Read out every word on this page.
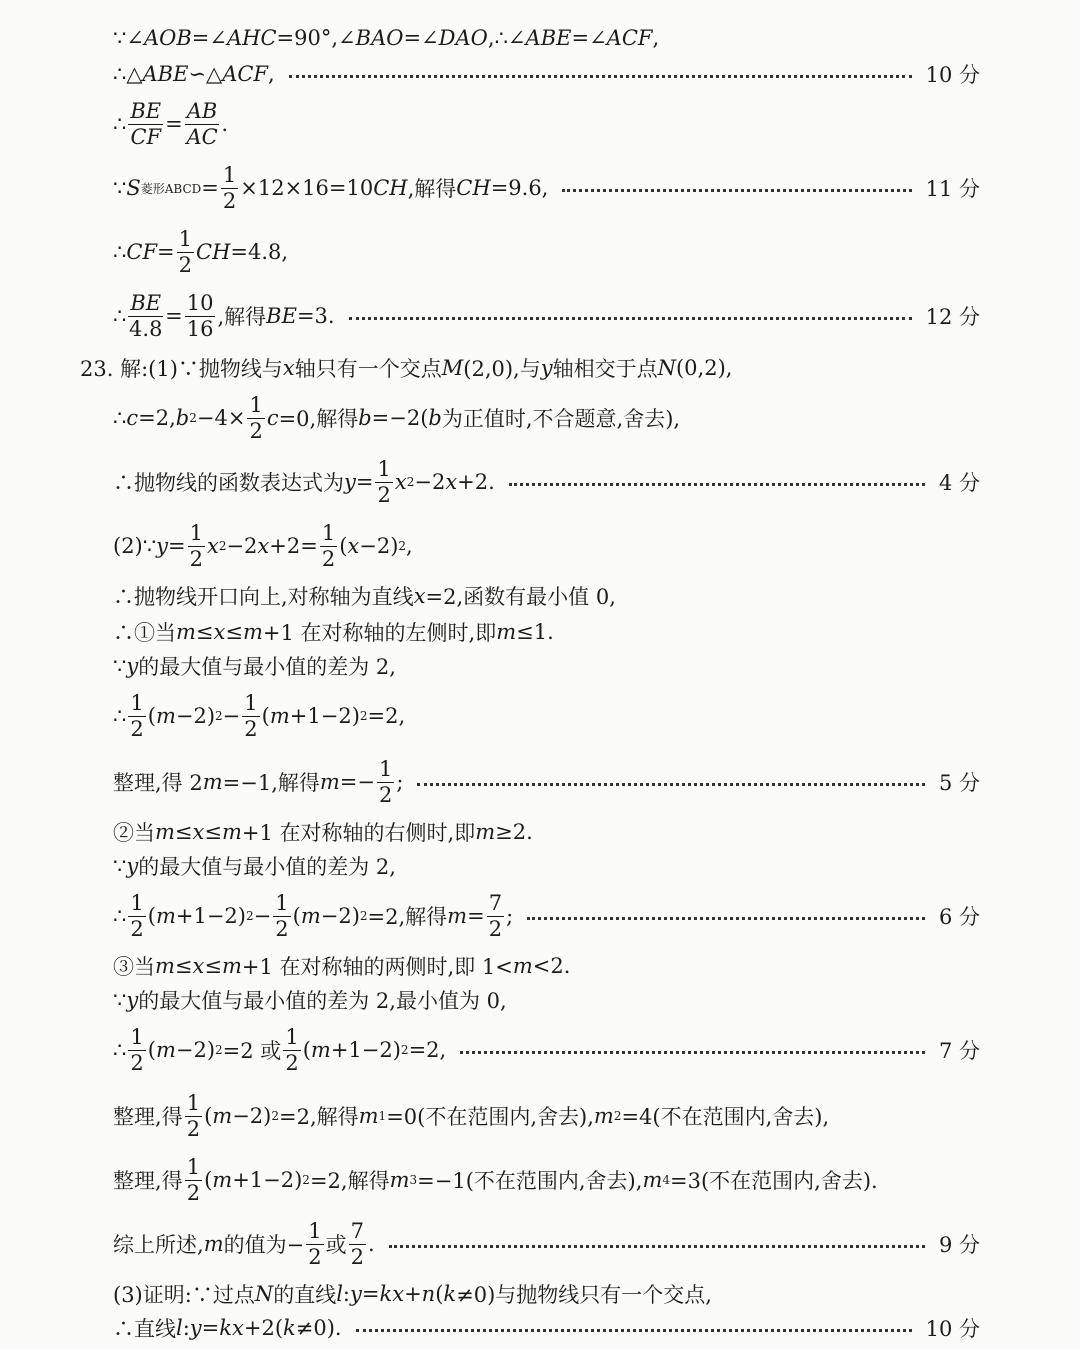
∵∠ AOB =∠ AHC =90°,∠ BAO =∠ DAO ,∴∠ ABE =∠ ACF ,
∴△ ABE ∽△ ACF ,	10 分
∴
BE
CF
=
AB
AC
.
∵ S 菱形ABCD =
1
2
×12×16=10 CH ,解得 CH =9.6,	11 分
∴ CF =
1
2
CH =4.8,
∴
BE
4.8
=
10
16 ,解得 BE =3.	12 分
23. 解:(1)∵抛物线与 x 轴只有一个交点 M (2,0),与 y 轴相交于点 N (0,2),
∴ c =2, b 2 −4×
1
2
c =0,解得 b =−2( b 为正值时,不合题意,舍去),
∴抛物线的函数表达式为 y =
1
2
x 2 −2 x +2.	4 分
(2)∵ y =
1
2
x 2 −2 x +2=
1
2
( x −2) 2 ,
∴抛物线开口向上,对称轴为直线 x =2,函数有最小值 0,
∴①当 m ≤ x ≤ m +1 在对称轴的左侧时,即 m ≤1.
∵ y 的最大值与最小值的差为 2,
∴
1
2
( m −2) 2 −
1
2
( m +1−2) 2 =2,
整理,得 2 m =−1,解得 m =−
1
2
;	5 分
②当 m ≤ x ≤ m +1 在对称轴的右侧时,即 m ≥2.
∵ y 的最大值与最小值的差为 2,
∴
1
2
( m +1−2) 2 −
1
2
( m −2) 2 =2,解得 m =
7
2
;	6 分
③当 m ≤ x ≤ m +1 在对称轴的两侧时,即 1< m <2.
∵ y 的最大值与最小值的差为 2,最小值为 0,
∴
1
2
( m −2) 2 =2 或
1
2
( m +1−2) 2 =2,	7 分
整理,得
1
2
( m −2) 2 =2,解得 m 1 =0(不在范围内,舍去), m 2 =4(不在范围内,舍去),
整理,得
1
2
( m +1−2) 2 =2,解得 m 3 =−1(不在范围内,舍去), m 4 =3(不在范围内,舍去).
综上所述, m 的值为−
1
2 或
7
2
.	9 分
(3)证明:∵过点 N 的直线 l : y = kx + n ( k ≠0)与抛物线只有一个交点,
∴直线 l : y = kx +2( k ≠0).	10 分
